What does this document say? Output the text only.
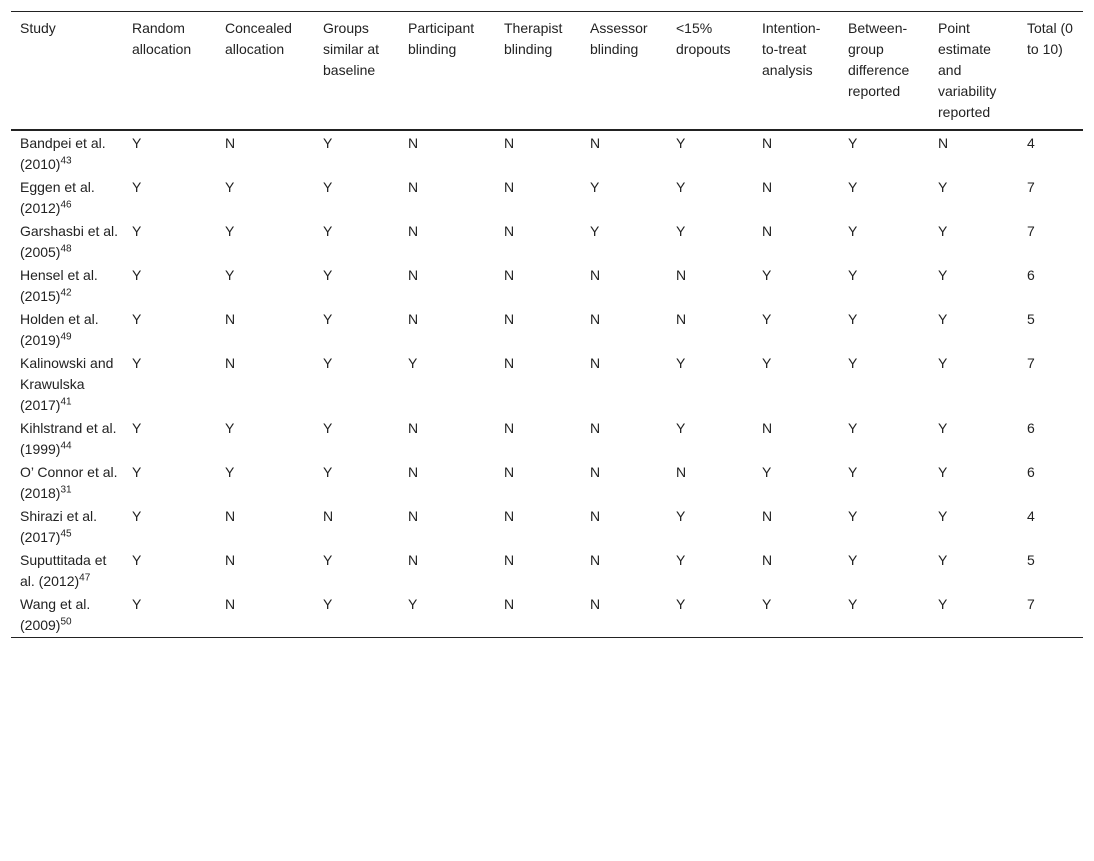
Study	Random allocation	Concealed allocation	Groups similar at baseline	Participant blinding	Therapist blinding	Assessor blinding	<15% dropouts	Intention-to-treat analysis	Between-group difference reported	Point estimate and variability reported	Total (0 to 10)
Bandpei et al. $(2010)^{43}$	Y	N	Y	N	N	N	Y	N	Y	N	4
Eggen et al. $(2012)^{46}$	Y	Y	Y	N	N	Y	Y	N	Y	Y	7
Garshasbi et al. $(2005)^{48}$	Y	Y	Y	N	N	Y	Y	N	Y	Y	7
Hensel et al. $(2015)^{42}$	Y	Y	Y	N	N	N	N	Y	Y	Y	6
Holden et al. $(2019)^{49}$	Y	N	Y	N	N	N	N	Y	Y	Y	5
Kalinowski and Krawulska $(2017)^{41}$	Y	N	Y	Y	N	N	Y	Y	Y	Y	7
Kihlstrand et al. $(1999)^{44}$	Y	Y	Y	N	N	N	Y	N	Y	Y	6
O’ Connor et al. $(2018)^{31}$	Y	Y	Y	N	N	N	N	Y	Y	Y	6
Shirazi et al. $(2017)^{45}$	Y	N	N	N	N	N	Y	N	Y	Y	4
Suputtitada et al. $(2012)^{47}$	Y	N	Y	N	N	N	Y	N	Y	Y	5
Wang et al. $(2009)^{50}$	Y	N	Y	Y	N	N	Y	Y	Y	Y	7
